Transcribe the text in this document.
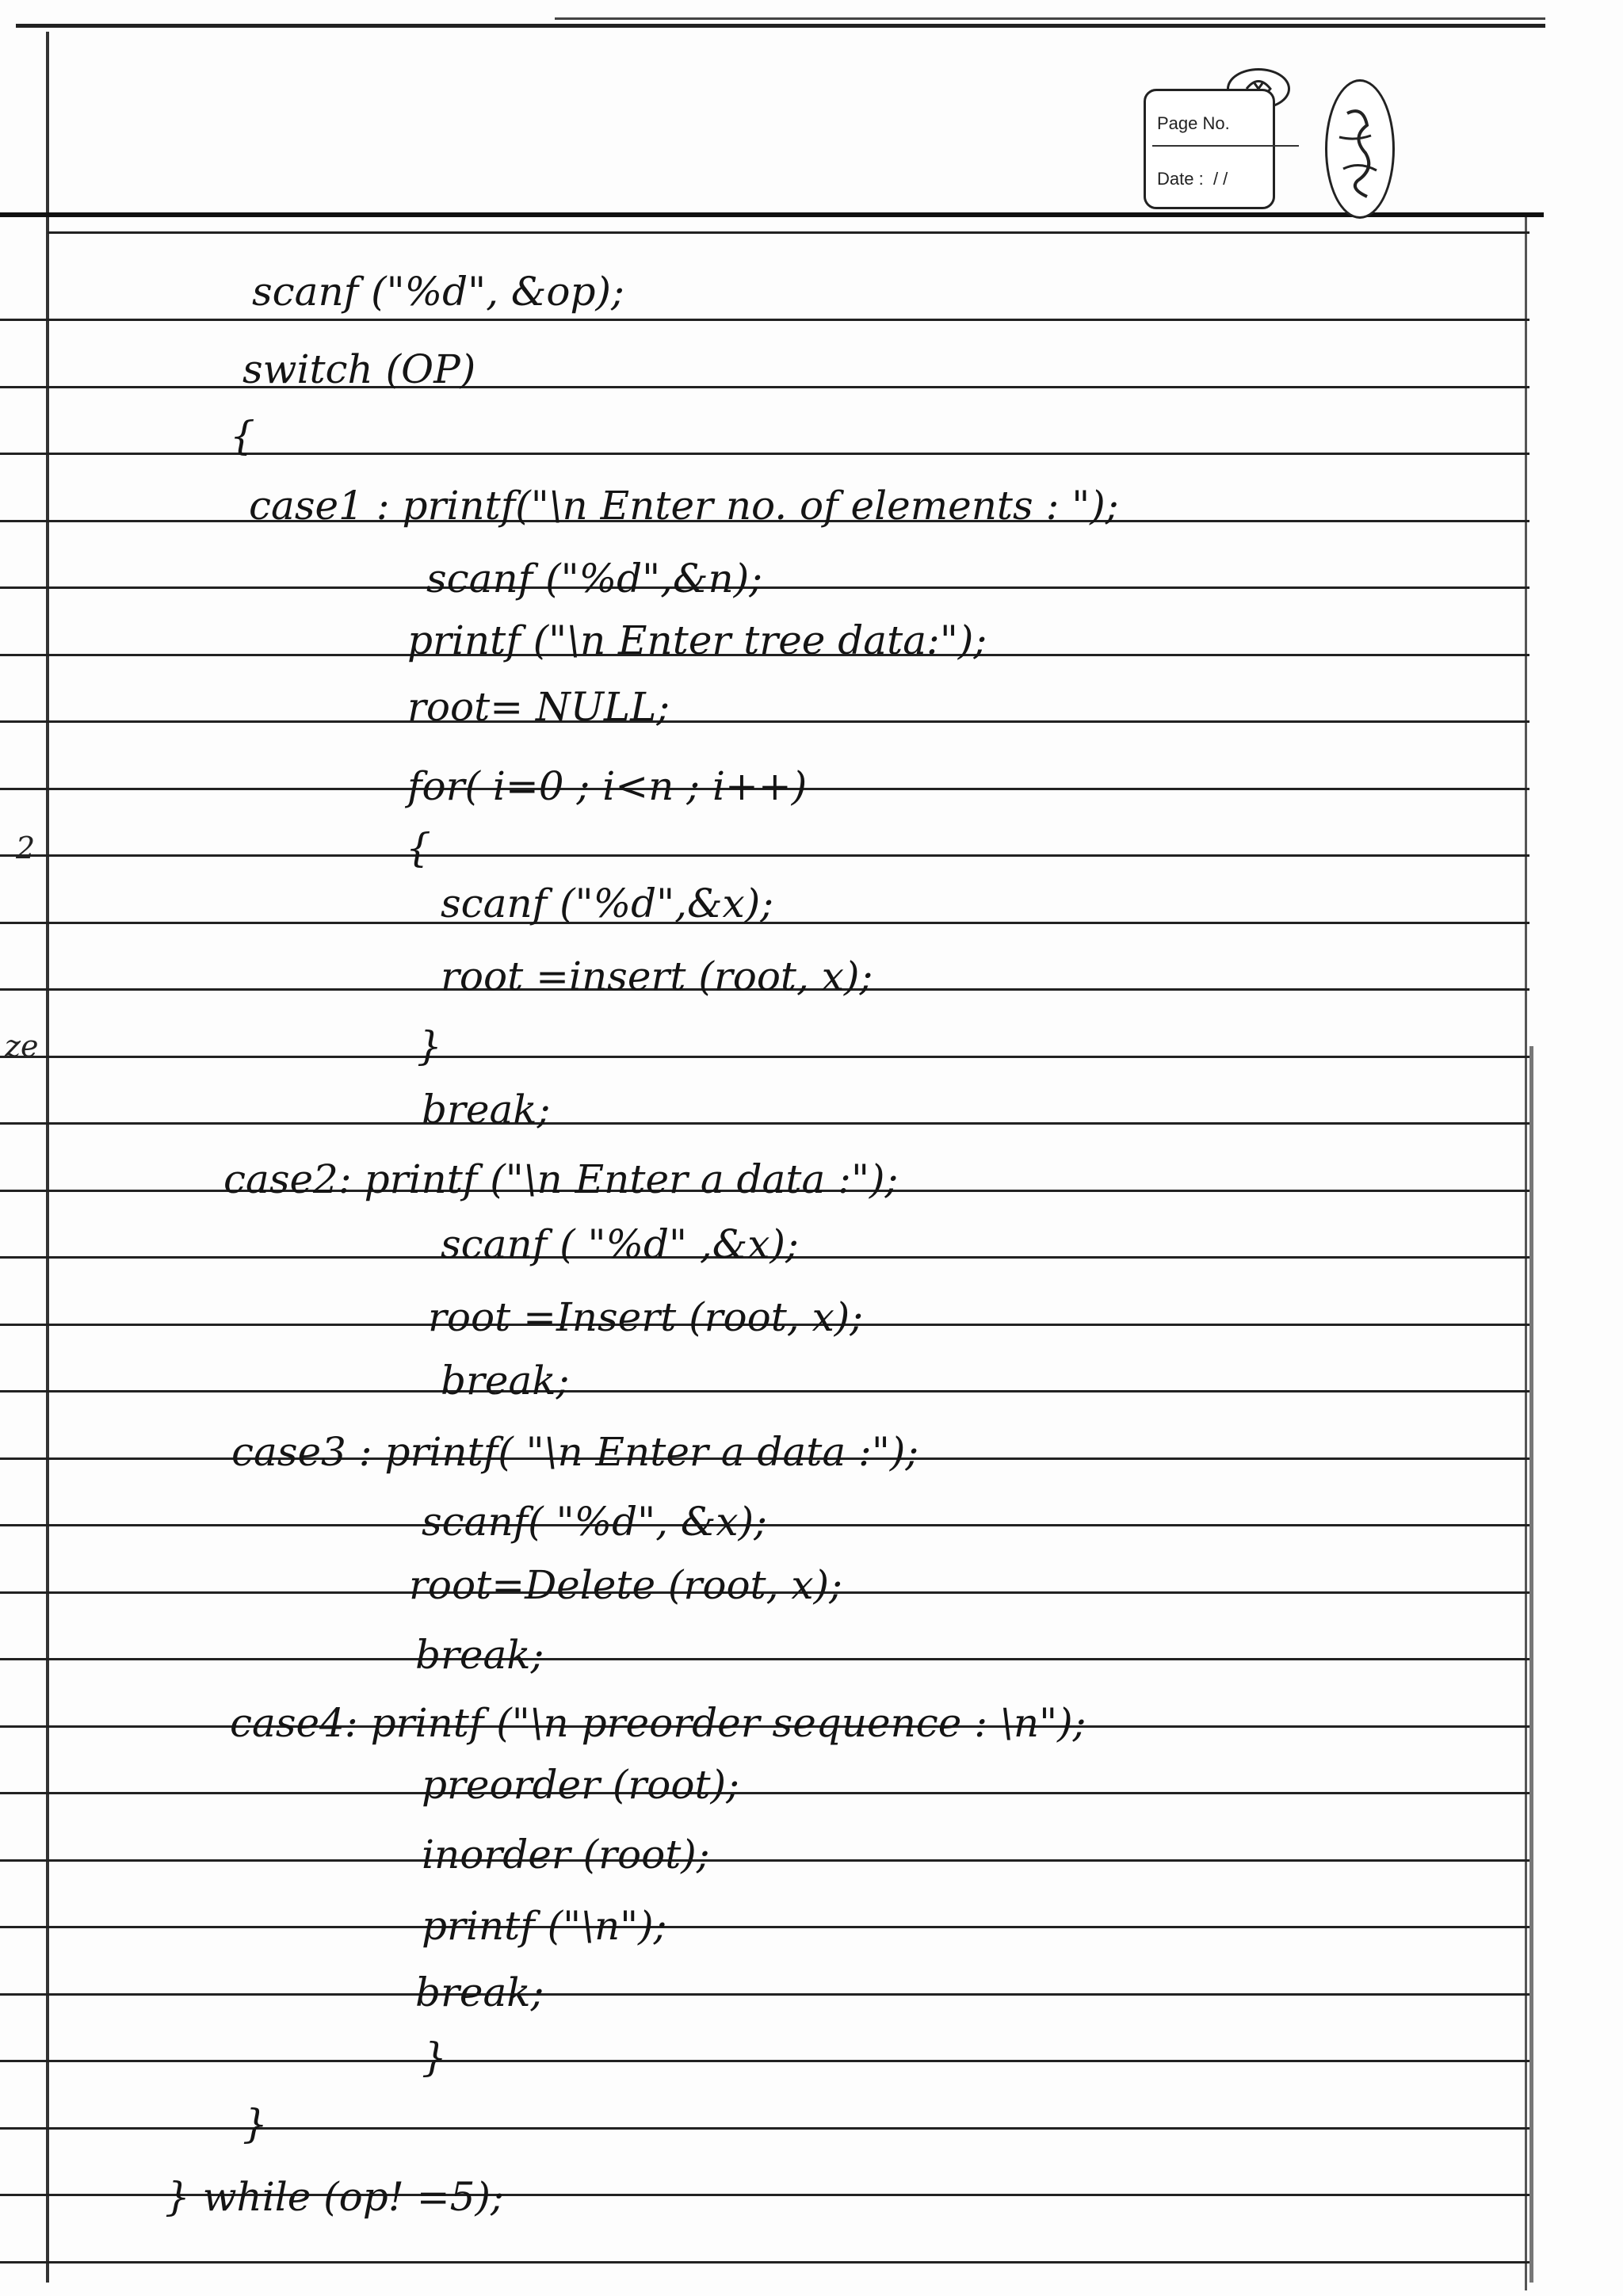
Page No.
Date : / /
2
ze
scanf ("%d", &op);
switch (OP)
{
case1 : printf("\n Enter no. of elements : ");
scanf ("%d",&n);
printf ("\n Enter tree data:");
root= NULL;
for( i=0 ; i<n ; i++)
{
scanf ("%d",&x);
root =insert (root, x);
}
break;
case2: printf ("\n Enter a data :");
scanf ( "%d" ,&x);
root =Insert (root, x);
break;
case3 : printf( "\n Enter a data :");
scanf( "%d", &x);
root=Delete (root, x);
break;
case4: printf ("\n preorder sequence : \n");
preorder (root);
inorder (root);
printf ("\n");
break;
}
}
} while (op! =5);
